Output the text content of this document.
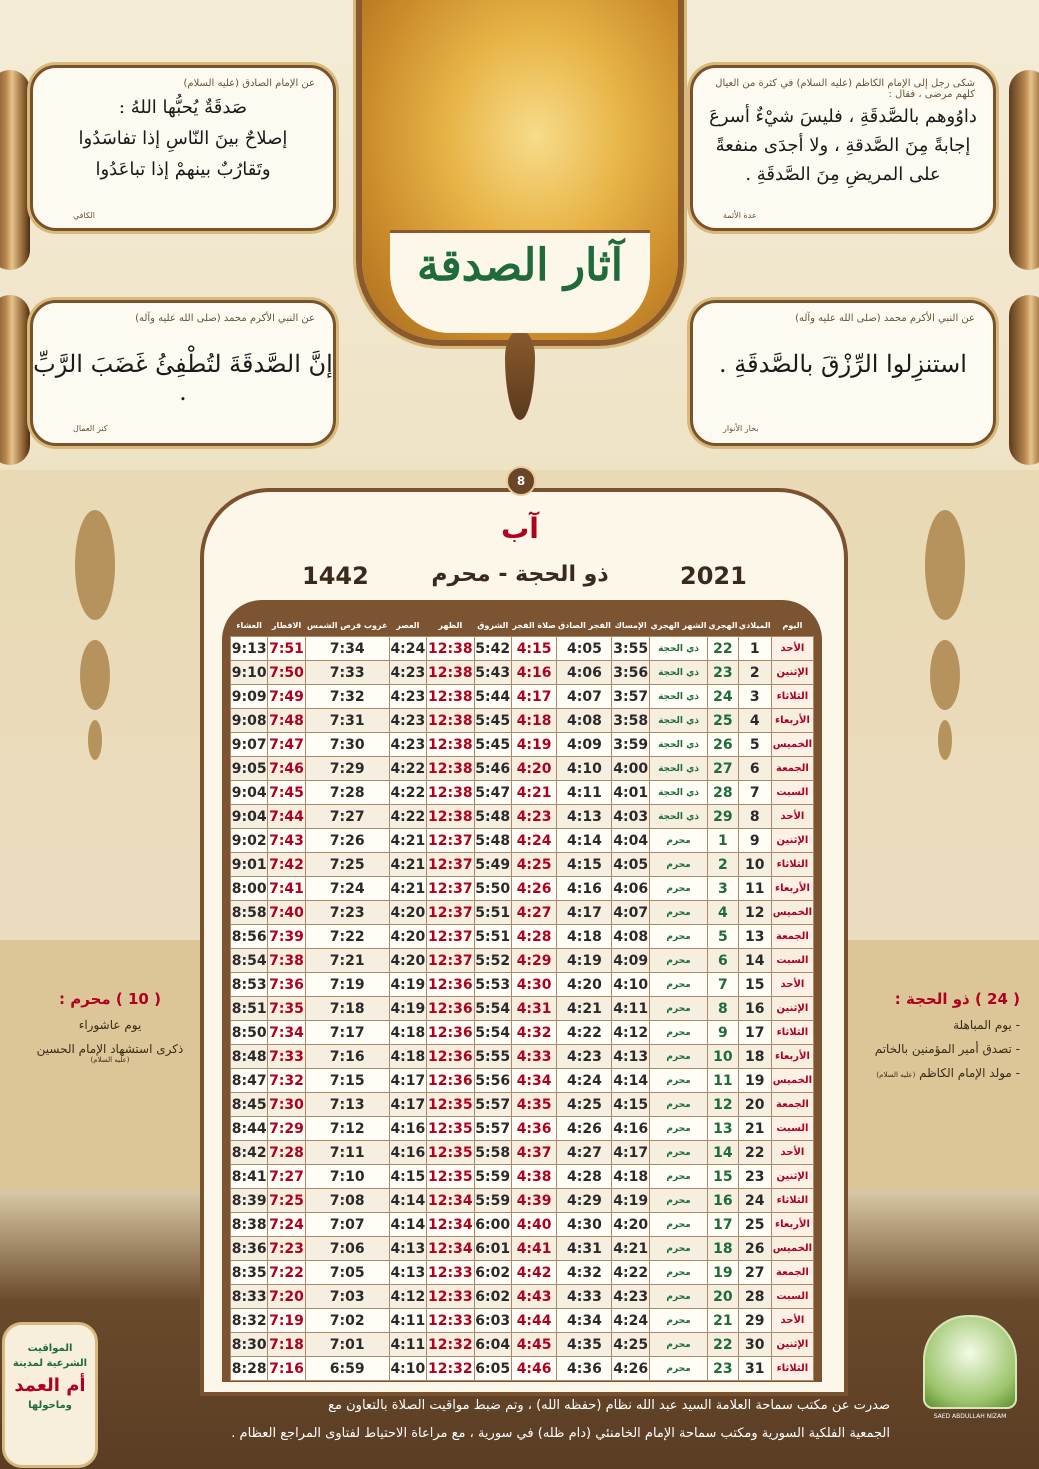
آثار الصدقة
شكى رجل إلى الإمام الكاظم (عليه السلام) في كثرة من العيال كلهم مرضى ، فقال :
داوُوهم بالصَّدقَةِ ، فليسَ شيْءٌ أسرعَ
إجابةً مِنَ الصَّدقةِ ، ولا أجدَى منفعةً
على المريضِ مِنَ الصَّدقَةِ .
عدة الأئمة
عن الإمام الصادق (عليه السلام)
صَدقَةٌ يُحبُّها اللهُ :
إصلاحٌ بينَ النّاسِ إذا تفاسَدُوا
وتَقارُبٌ بينهمْ إذا تباعَدُوا
الكافي
عن النبي الأكرم محمد (صلى الله عليه وآله)
استنزِلوا الرِّزْقَ بالصَّدقَةِ .
بحار الأنوار
عن النبي الأكرم محمد (صلى الله عليه وآله)
إنَّ الصَّدقَةَ لتُطْفِئُ غَضَبَ الرَّبِّ .
كنز العمال
8
آب
2021
ذو الحجة - محرم
1442
العشاء	الافطار	غروب قرص الشمس	العصر	الظهر	الشروق	صلاة الفجر	الفجر الصادق	الإمساك	الشهر الهجري	الهجري	الميلادي	اليوم
9:13	7:51	7:34	4:24	12:38	5:42	4:15	4:05	3:55	ذي الحجة	22	1	الأحد
9:10	7:50	7:33	4:23	12:38	5:43	4:16	4:06	3:56	ذي الحجة	23	2	الإثنين
9:09	7:49	7:32	4:23	12:38	5:44	4:17	4:07	3:57	ذي الحجة	24	3	الثلاثاء
9:08	7:48	7:31	4:23	12:38	5:45	4:18	4:08	3:58	ذي الحجة	25	4	الأربعاء
9:07	7:47	7:30	4:23	12:38	5:45	4:19	4:09	3:59	ذي الحجة	26	5	الخميس
9:05	7:46	7:29	4:22	12:38	5:46	4:20	4:10	4:00	ذي الحجة	27	6	الجمعة
9:04	7:45	7:28	4:22	12:38	5:47	4:21	4:11	4:01	ذي الحجة	28	7	السبت
9:04	7:44	7:27	4:22	12:38	5:48	4:23	4:13	4:03	ذي الحجة	29	8	الأحد
9:02	7:43	7:26	4:21	12:37	5:48	4:24	4:14	4:04	محرم	1	9	الإثنين
9:01	7:42	7:25	4:21	12:37	5:49	4:25	4:15	4:05	محرم	2	10	الثلاثاء
8:00	7:41	7:24	4:21	12:37	5:50	4:26	4:16	4:06	محرم	3	11	الأربعاء
8:58	7:40	7:23	4:20	12:37	5:51	4:27	4:17	4:07	محرم	4	12	الخميس
8:56	7:39	7:22	4:20	12:37	5:51	4:28	4:18	4:08	محرم	5	13	الجمعة
8:54	7:38	7:21	4:20	12:37	5:52	4:29	4:19	4:09	محرم	6	14	السبت
8:53	7:36	7:19	4:19	12:36	5:53	4:30	4:20	4:10	محرم	7	15	الأحد
8:51	7:35	7:18	4:19	12:36	5:54	4:31	4:21	4:11	محرم	8	16	الإثنين
8:50	7:34	7:17	4:18	12:36	5:54	4:32	4:22	4:12	محرم	9	17	الثلاثاء
8:48	7:33	7:16	4:18	12:36	5:55	4:33	4:23	4:13	محرم	10	18	الأربعاء
8:47	7:32	7:15	4:17	12:36	5:56	4:34	4:24	4:14	محرم	11	19	الخميس
8:45	7:30	7:13	4:17	12:35	5:57	4:35	4:25	4:15	محرم	12	20	الجمعة
8:44	7:29	7:12	4:16	12:35	5:57	4:36	4:26	4:16	محرم	13	21	السبت
8:42	7:28	7:11	4:16	12:35	5:58	4:37	4:27	4:17	محرم	14	22	الأحد
8:41	7:27	7:10	4:15	12:35	5:59	4:38	4:28	4:18	محرم	15	23	الإثنين
8:39	7:25	7:08	4:14	12:34	5:59	4:39	4:29	4:19	محرم	16	24	الثلاثاء
8:38	7:24	7:07	4:14	12:34	6:00	4:40	4:30	4:20	محرم	17	25	الأربعاء
8:36	7:23	7:06	4:13	12:34	6:01	4:41	4:31	4:21	محرم	18	26	الخميس
8:35	7:22	7:05	4:13	12:33	6:02	4:42	4:32	4:22	محرم	19	27	الجمعة
8:33	7:20	7:03	4:12	12:33	6:02	4:43	4:33	4:23	محرم	20	28	السبت
8:32	7:19	7:02	4:11	12:33	6:03	4:44	4:34	4:24	محرم	21	29	الأحد
8:30	7:18	7:01	4:11	12:32	6:04	4:45	4:35	4:25	محرم	22	30	الإثنين
8:28	7:16	6:59	4:10	12:32	6:05	4:46	4:36	4:26	محرم	23	31	الثلاثاء
( 24 ) ذو الحجة :
- يوم المباهلة
- تصدق أمير المؤمنين بالخاتم
- مولد الإمام الكاظم (عليه السلام)
( 10 ) محرم :
يوم عاشوراء
ذكرى استشهاد الإمام الحسين
(عليه السلام)
صدرت عن مكتب سماحة العلامة السيد عبد الله نظام (حفظه الله) ، وتم ضبط مواقيت الصلاة بالتعاون مع
الجمعية الفلكية السورية ومكتب سماحة الإمام الخامنئي (دام ظله) في سورية ، مع مراعاة الاحتياط لفتاوى المراجع العظام .
المواقيت
الشرعية لمدينة
أم العمد
وماحولها
SAED ABDULLAH NIZAM
